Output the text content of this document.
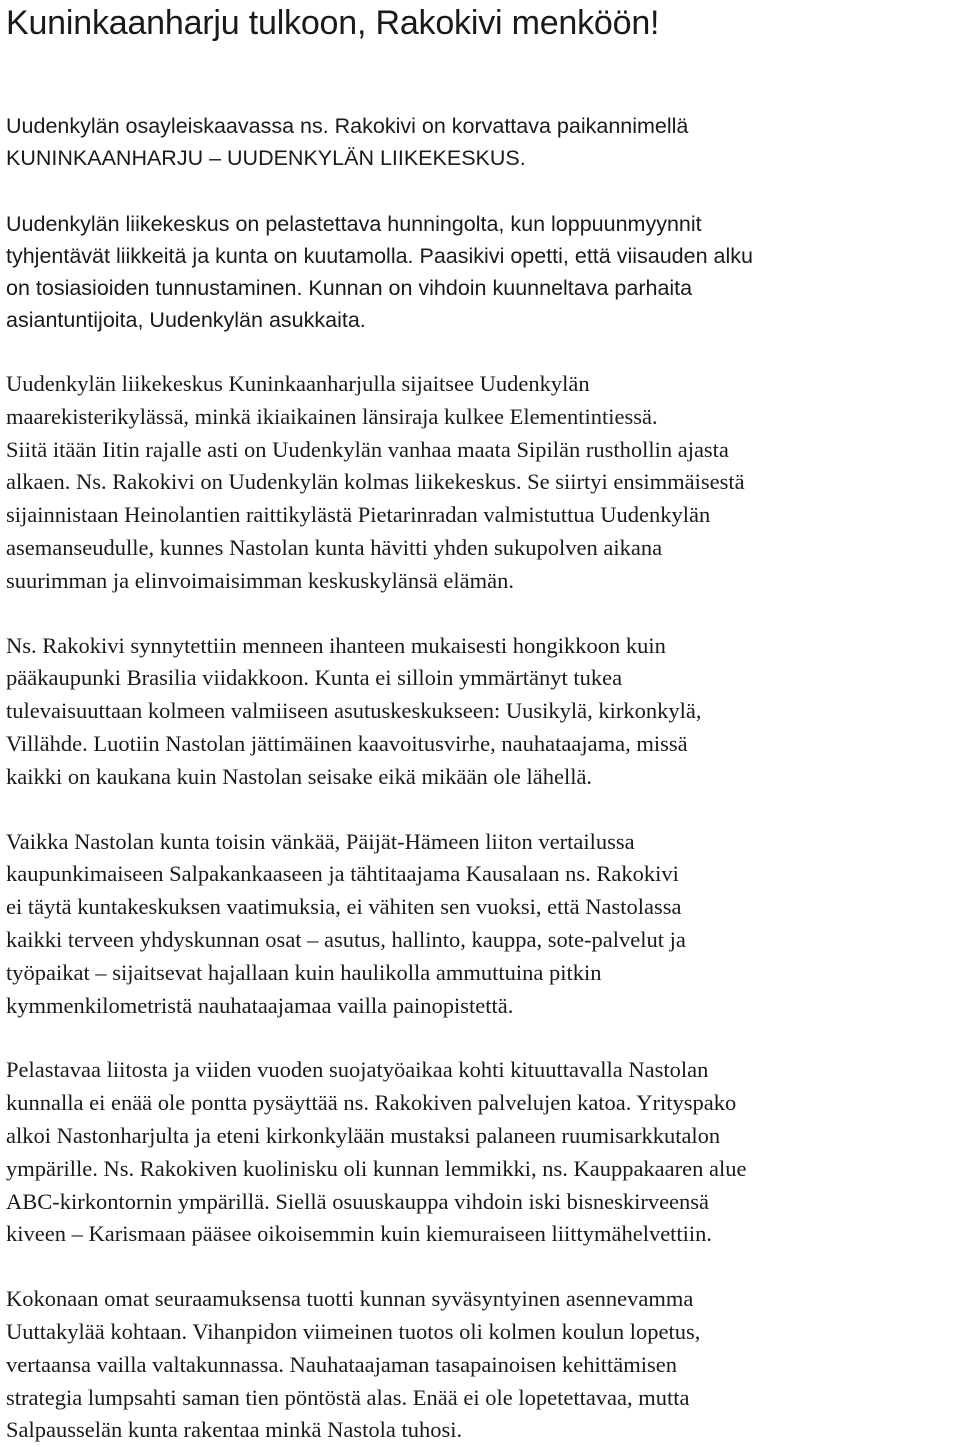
Kuninkaanharju tulkoon, Rakokivi menköön!

Uudenkylän osayleiskaavassa ns. Rakokivi on korvattava paikannimellä
KUNINKAANHARJU – UUDENKYLÄN LIIKEKESKUS.

Uudenkylän liikekeskus on pelastettava hunningolta, kun loppuunmyynnit
tyhjentävät liikkeitä ja kunta on kuutamolla. Paasikivi opetti, että viisauden alku
on tosiasioiden tunnustaminen. Kunnan on vihdoin kuunneltava parhaita
asiantuntijoita, Uudenkylän asukkaita.

Uudenkylän liikekeskus Kuninkaanharjulla sijaitsee Uudenkylän
maarekisterikylässä, minkä ikiaikainen länsiraja kulkee Elementintiessä.
Siitä itään Iitin rajalle asti on Uudenkylän vanhaa maata Sipilän rusthollin ajasta
alkaen. Ns. Rakokivi on Uudenkylän kolmas liikekeskus. Se siirtyi ensimmäisestä
sijainnistaan Heinolantien raittikylästä Pietarinradan valmistuttua Uudenkylän
asemanseudulle, kunnes Nastolan kunta hävitti yhden sukupolven aikana
suurimman ja elinvoimaisimman keskuskylänsä elämän.

Ns. Rakokivi synnytettiin menneen ihanteen mukaisesti hongikkoon kuin
pääkaupunki Brasilia viidakkoon. Kunta ei silloin ymmärtänyt tukea
tulevaisuuttaan kolmeen valmiiseen asutuskeskukseen: Uusikylä, kirkonkylä,
Villähde. Luotiin Nastolan jättimäinen kaavoitusvirhe, nauhataajama, missä
kaikki on kaukana kuin Nastolan seisake eikä mikään ole lähellä.

Vaikka Nastolan kunta toisin vänkää, Päijät-Hämeen liiton vertailussa
kaupunkimaiseen Salpakankaaseen ja tähtitaajama Kausalaan ns. Rakokivi
ei täytä kuntakeskuksen vaatimuksia, ei vähiten sen vuoksi, että Nastolassa
kaikki terveen yhdyskunnan osat – asutus, hallinto, kauppa, sote-palvelut ja
työpaikat – sijaitsevat hajallaan kuin haulikolla ammuttuina pitkin
kymmenkilometristä nauhataajamaa vailla painopistettä.

Pelastavaa liitosta ja viiden vuoden suojatyöaikaa kohti kituuttavalla Nastolan
kunnalla ei enää ole pontta pysäyttää ns. Rakokiven palvelujen katoa. Yrityspako
alkoi Nastonharjulta ja eteni kirkonkylään mustaksi palaneen ruumisarkkutalon
ympärille. Ns. Rakokiven kuolinisku oli kunnan lemmikki, ns. Kauppakaaren alue
ABC-kirkontornin ympärillä. Siellä osuuskauppa vihdoin iski bisneskirveensä
kiveen – Karismaan pääsee oikoisemmin kuin kiemuraiseen liittymähelvettiin.

Kokonaan omat seuraamuksensa tuotti kunnan syväsyntyinen asennevamma
Uuttakylää kohtaan. Vihanpidon viimeinen tuotos oli kolmen koulun lopetus,
vertaansa vailla valtakunnassa. Nauhataajaman tasapainoisen kehittämisen
strategia lumpsahti saman tien pöntöstä alas. Enää ei ole lopetettavaa, mutta
Salpausselän kunta rakentaa minkä Nastola tuhosi.
